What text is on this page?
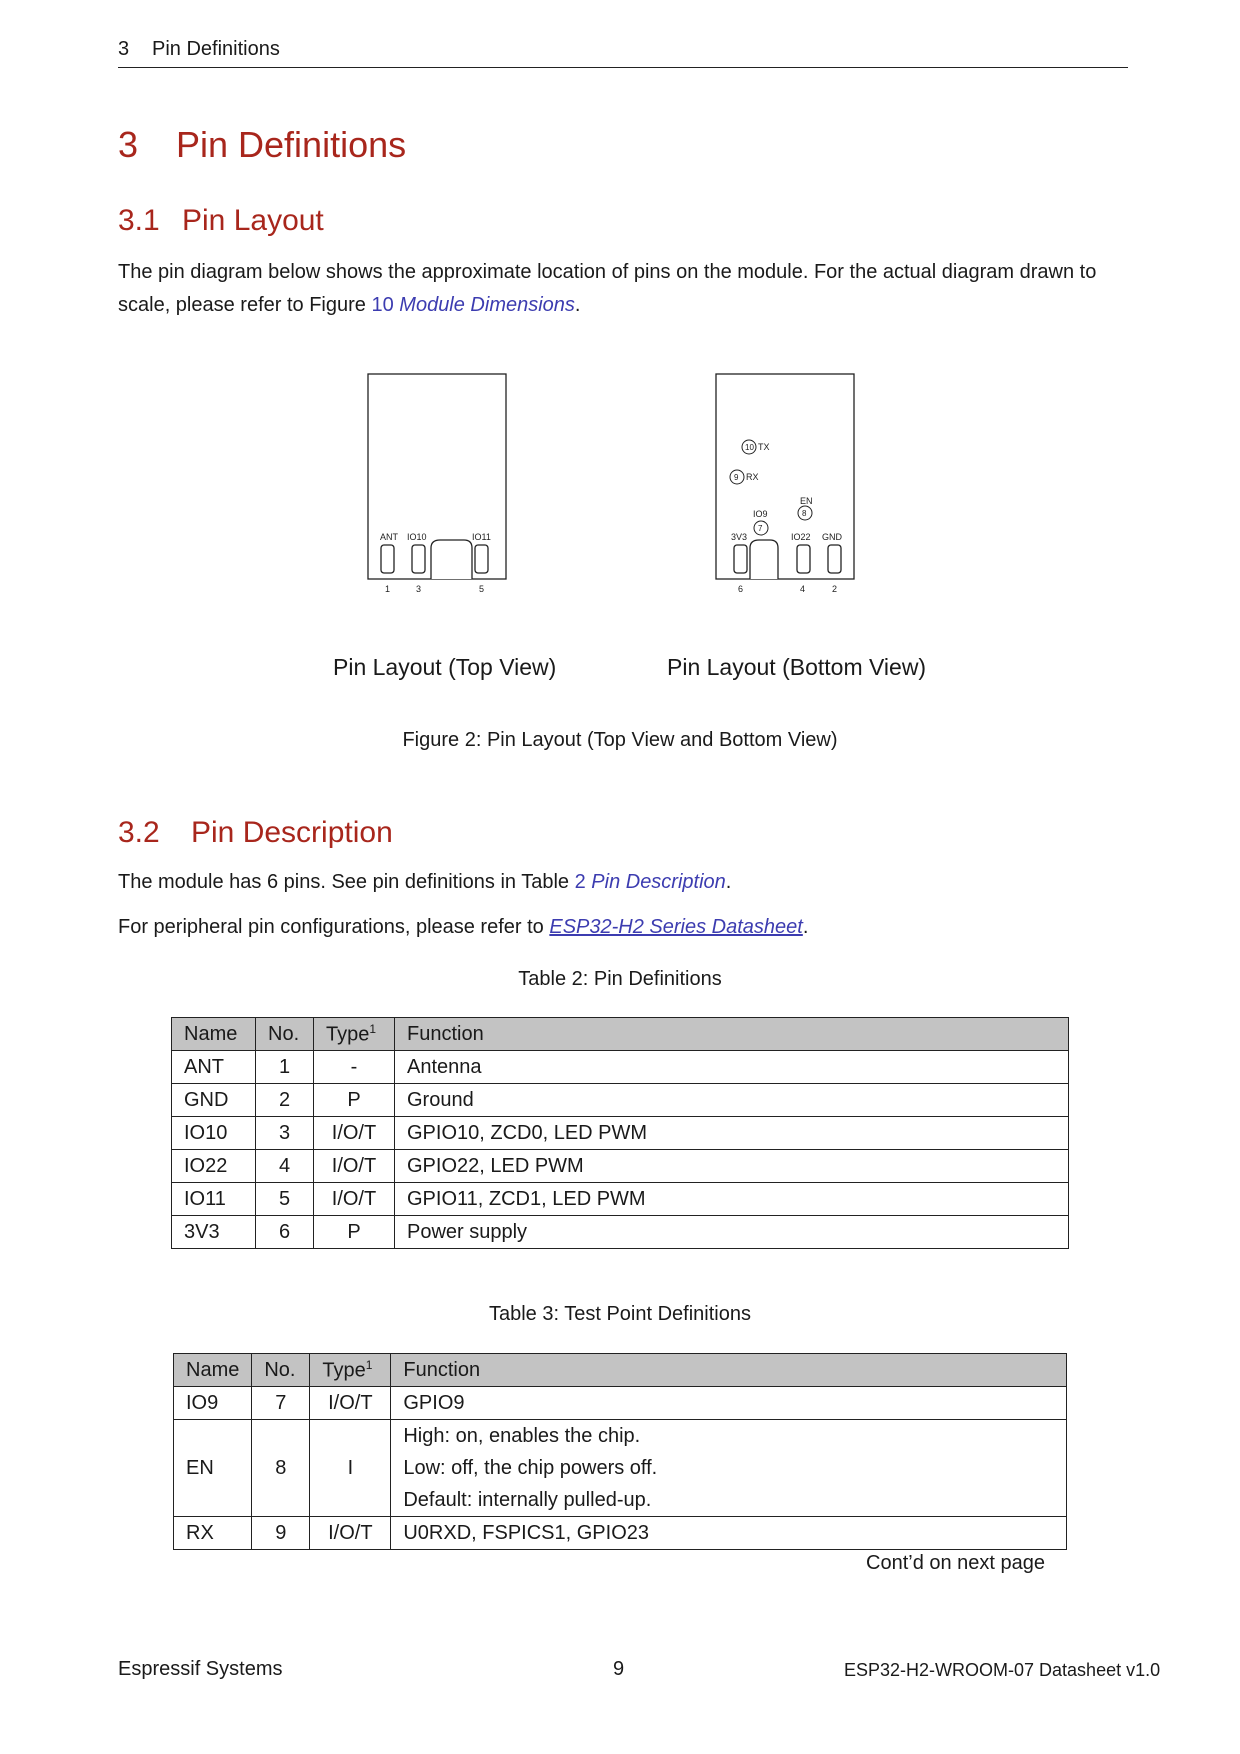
3 Pin Definitions
3 Pin Definitions
3.1 Pin Layout
The pin diagram below shows the approximate location of pins on the module. For the actual diagram drawn to scale, please refer to Figure 10 Module Dimensions.
ANT IO10	IO11
1	3	5
10 TX
9 RX
EN
8
IO9
7
3V3	IO22 GND
6	4	2
Pin Layout (Top View)	Pin Layout (Bottom View)
Figure 2: Pin Layout (Top View and Bottom View)
3.2 Pin Description
The module has 6 pins. See pin definitions in Table 2 Pin Description.
For peripheral pin configurations, please refer to ESP32-H2 Series Datasheet.
Table 2: Pin Definitions
Name	No.	Type$^1$	Function
ANT	1	-	Antenna
GND	2	P	Ground
IO10	3	I/O/T	GPIO10, ZCD0, LED PWM
IO22	4	I/O/T	GPIO22, LED PWM
IO11	5	I/O/T	GPIO11, ZCD1, LED PWM
3V3	6	P	Power supply
Table 3: Test Point Definitions
Name	No.	Type$^1$	Function
IO9	7	I/O/T	GPIO9
EN	8	I	High: on, enables the chip.
Low: off, the chip powers off.
Default: internally pulled-up.

RX	9	I/O/T	U0RXD, FSPICS1, GPIO23
Cont’d on next page
Espressif Systems	9	ESP32-H2-WROOM-07 Datasheet v1.0
